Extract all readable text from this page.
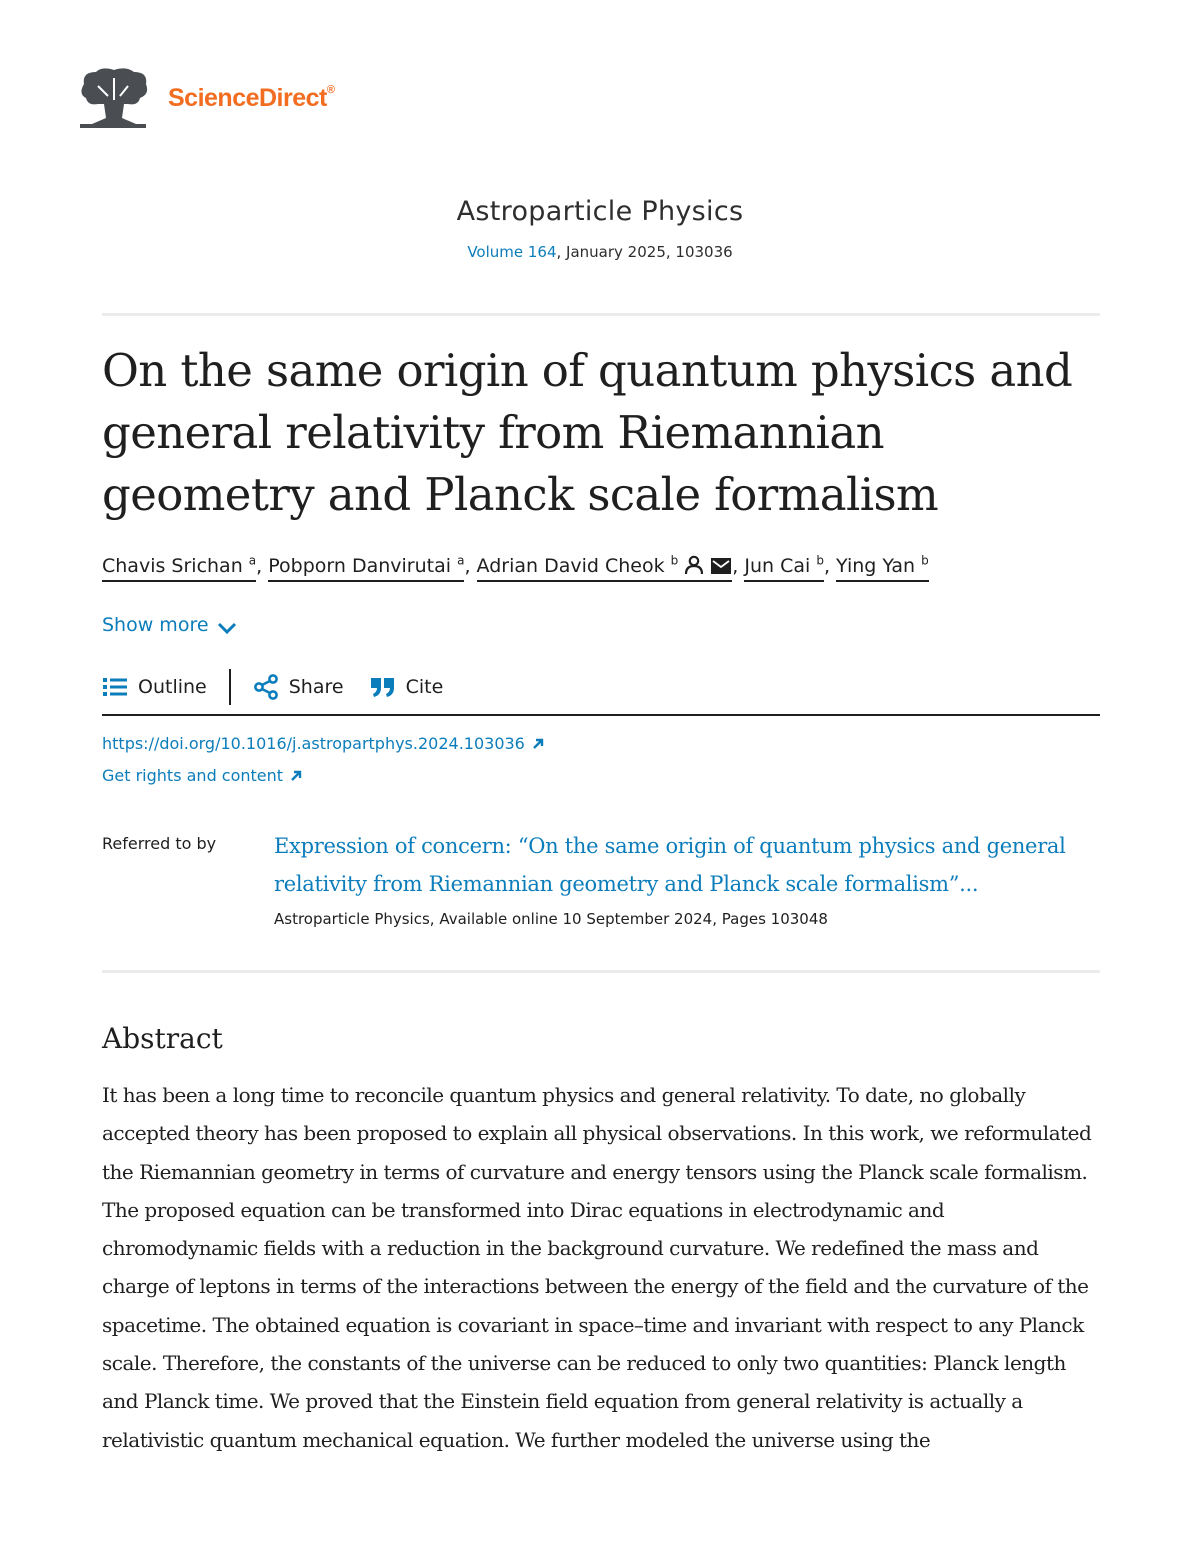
ScienceDirect®
Astroparticle Physics
Volume 164, January 2025, 103036
On the same origin of quantum physics and general relativity from Riemannian geometry and Planck scale formalism
Chavis Srichan $^a$, Pobporn Danvirutai $^a$, Adrian David Cheok $^b$	, Jun Cai $^b$, Ying Yan $^b$
Show more
Outline	Share	Cite
https://doi.org/10.1016/j.astropartphys.2024.103036
Get rights and content
Referred to by	Expression of concern: “On the same origin of quantum physics and general relativity from Riemannian geometry and Planck scale formalism”...
Astroparticle Physics, Available online 10 September 2024, Pages 103048
Abstract

It has been a long time to reconcile quantum physics and general relativity. To date, no globally accepted theory has been proposed to explain all physical observations. In this work, we reformulated the Riemannian geometry in terms of curvature and energy tensors using the Planck scale formalism. The proposed equation can be transformed into Dirac equations in electrodynamic and chromodynamic fields with a reduction in the background curvature. We redefined the mass and charge of leptons in terms of the interactions between the energy of the field and the curvature of the spacetime. The obtained equation is covariant in space–time and invariant with respect to any Planck scale. Therefore, the constants of the universe can be reduced to only two quantities: Planck length and Planck time. We proved that the Einstein field equation from general relativity is actually a relativistic quantum mechanical equation. We further modeled the universe using the
